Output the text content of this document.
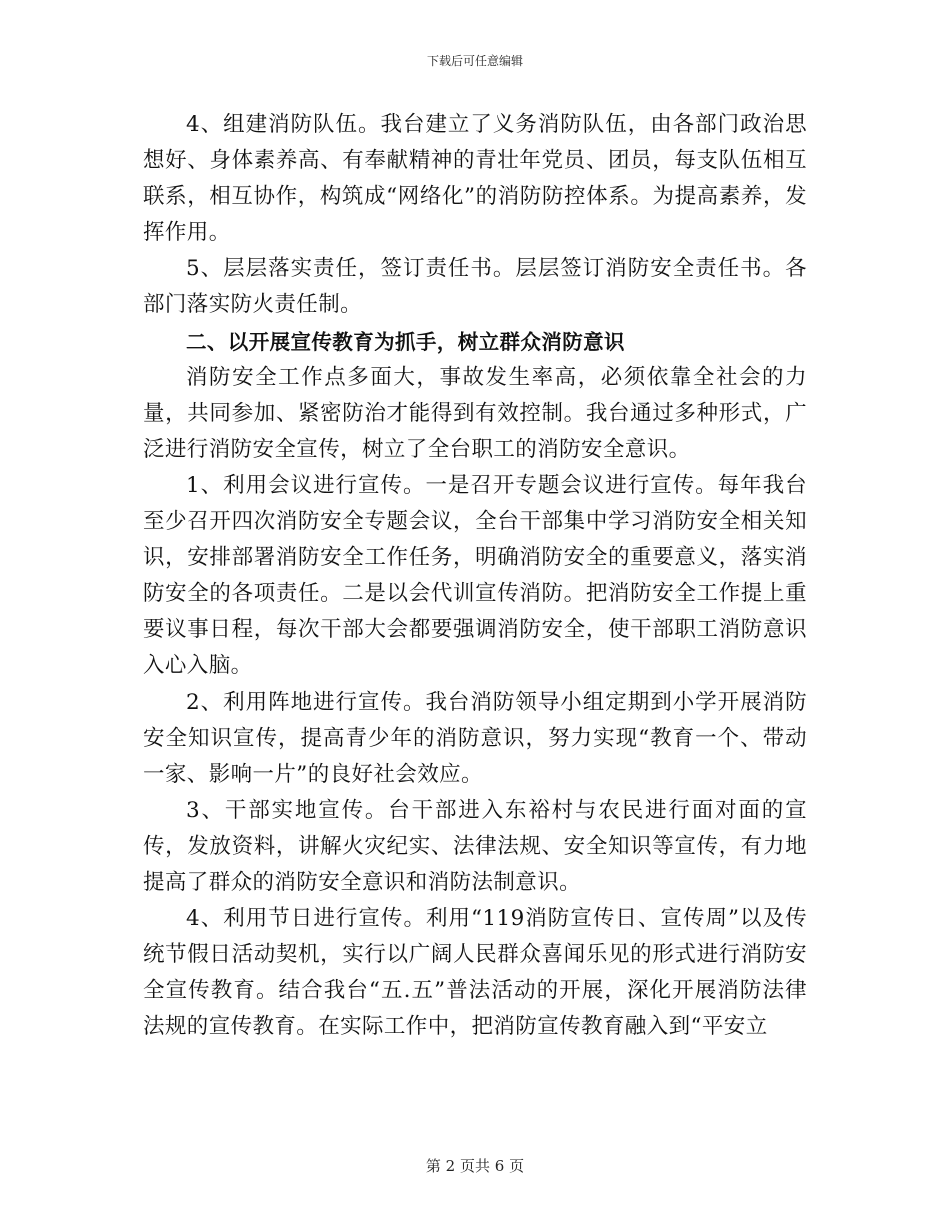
下载后可任意编辑

4、组建消防队伍。我台建立了义务消防队伍，由各部门政治思想好、身体素养高、有奉献精神的青壮年党员、团员，每支队伍相互联系，相互协作，构筑成“网络化”的消防防控体系。为提高素养，发挥作用。

5、层层落实责任，签订责任书。层层签订消防安全责任书。各部门落实防火责任制。

二、以开展宣传教育为抓手，树立群众消防意识

消防安全工作点多面大，事故发生率高，必须依靠全社会的力量，共同参加、紧密防治才能得到有效控制。我台通过多种形式，广泛进行消防安全宣传，树立了全台职工的消防安全意识。

1、利用会议进行宣传。一是召开专题会议进行宣传。每年我台至少召开四次消防安全专题会议，全台干部集中学习消防安全相关知识，安排部署消防安全工作任务，明确消防安全的重要意义，落实消防安全的各项责任。二是以会代训宣传消防。把消防安全工作提上重要议事日程，每次干部大会都要强调消防安全，使干部职工消防意识入心入脑。

2、利用阵地进行宣传。我台消防领导小组定期到小学开展消防安全知识宣传，提高青少年的消防意识，努力实现“教育一个、带动一家、影响一片”的良好社会效应。

3、干部实地宣传。台干部进入东裕村与农民进行面对面的宣传，发放资料，讲解火灾纪实、法律法规、安全知识等宣传，有力地提高了群众的消防安全意识和消防法制意识。

4、利用节日进行宣传。利用“119消防宣传日、宣传周”以及传统节假日活动契机，实行以广阔人民群众喜闻乐见的形式进行消防安全宣传教育。结合我台“五.五”普法活动的开展，深化开展消防法律法规的宣传教育。在实际工作中，把消防宣传教育融入到“平安立

第 2 页共 6 页
